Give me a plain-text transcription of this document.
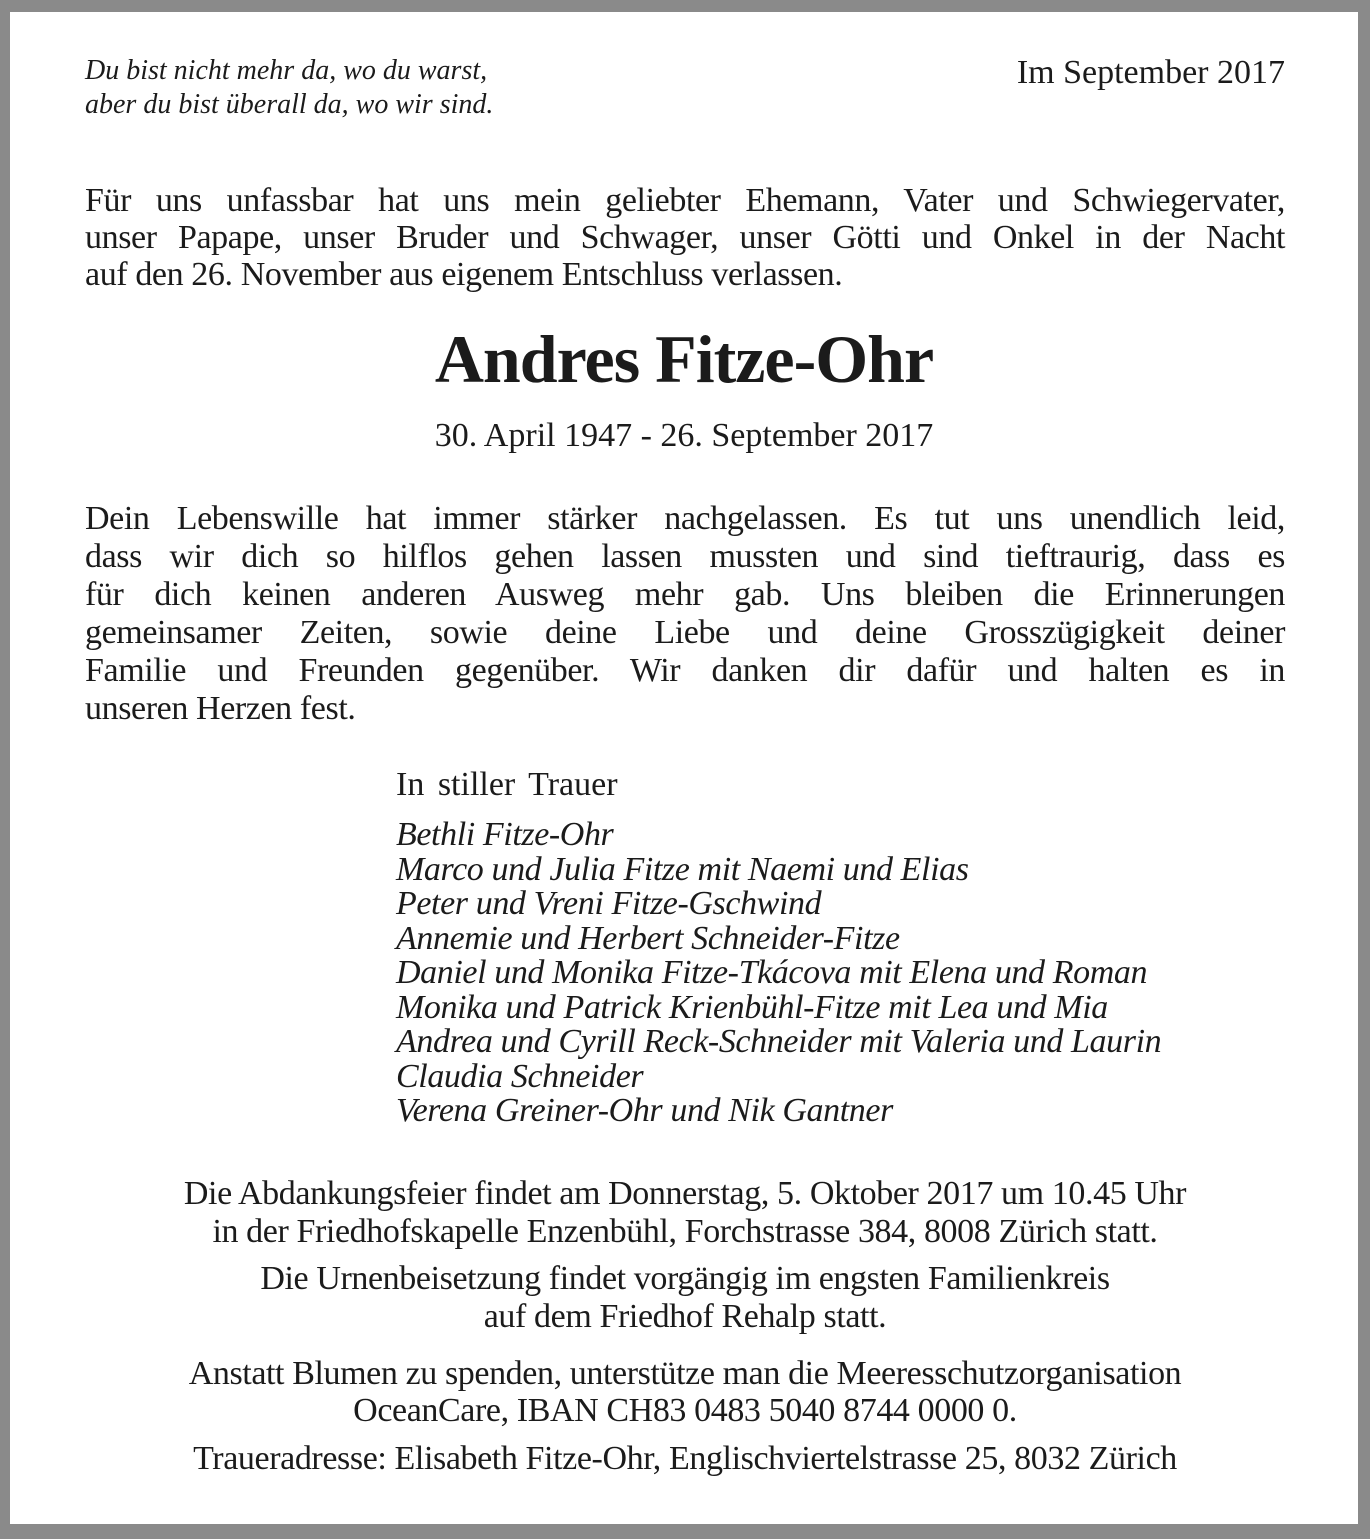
Du bist nicht mehr da, wo du warst,
aber du bist überall da, wo wir sind.
Im September 2017
Für uns unfassbar hat uns mein geliebter Ehemann, Vater und Schwiegervater,
unser Papape, unser Bruder und Schwager, unser Götti und Onkel in der Nacht
auf den 26. November aus eigenem Entschluss verlassen.
Andres Fitze-Ohr
30. April 1947 - 26. September 2017
Dein Lebenswille hat immer stärker nachgelassen. Es tut uns unendlich leid,
dass wir dich so hilflos gehen lassen mussten und sind tieftraurig, dass es
für dich keinen anderen Ausweg mehr gab. Uns bleiben die Erinnerungen
gemeinsamer Zeiten, sowie deine Liebe und deine Grosszügigkeit deiner
Familie und Freunden gegenüber. Wir danken dir dafür und halten es in
unseren Herzen fest.
In stiller Trauer
Bethli Fitze-Ohr
Marco und Julia Fitze mit Naemi und Elias
Peter und Vreni Fitze-Gschwind
Annemie und Herbert Schneider-Fitze
Daniel und Monika Fitze-Tkácova mit Elena und Roman
Monika und Patrick Krienbühl-Fitze mit Lea und Mia
Andrea und Cyrill Reck-Schneider mit Valeria und Laurin
Claudia Schneider
Verena Greiner-Ohr und Nik Gantner
Die Abdankungsfeier findet am Donnerstag, 5. Oktober 2017 um 10.45 Uhr
in der Friedhofskapelle Enzenbühl, Forchstrasse 384, 8008 Zürich statt.
Die Urnenbeisetzung findet vorgängig im engsten Familienkreis
auf dem Friedhof Rehalp statt.
Anstatt Blumen zu spenden, unterstütze man die Meeresschutzorganisation
OceanCare, IBAN CH83 0483 5040 8744 0000 0.
Traueradresse: Elisabeth Fitze-Ohr, Englischviertelstrasse 25, 8032 Zürich
